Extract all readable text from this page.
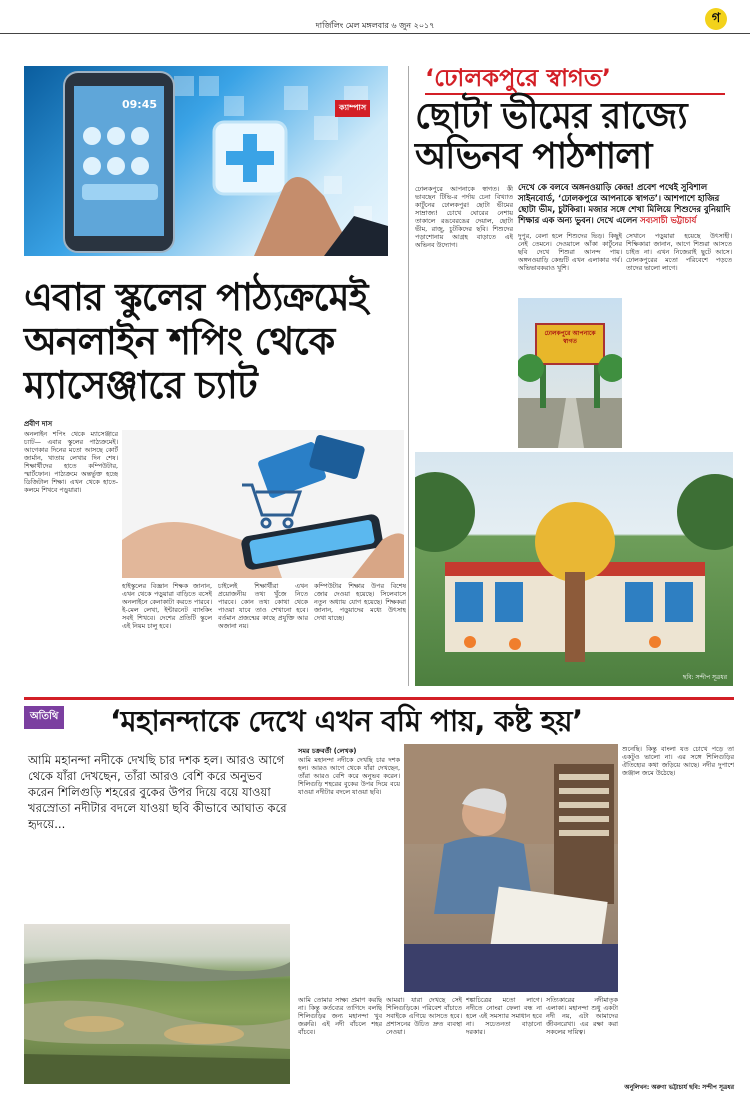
দার্জিলিং মেল মঙ্গলবার ৬ জুন ২০১৭	গ
09:45
এবার স্কুলের পাঠ্যক্রমেই
অনলাইন শপিং থেকে
ম্যাসেঞ্জারে চ্যাট
প্রবীণ দাস
অনলাইন শপিং থেকে ম্যাসেঞ্জারে চ্যাট— এবার স্কুলের পাঠ্যক্রমেই। আগেকার দিনের মতো আসছে কোর্ট জার্মান, খাতায় লেখার দিন শেষ। শিক্ষার্থীদের হাতে কম্পিউটার, স্মার্টফোন। পাঠ্যক্রমে অন্তর্ভুক্ত হচ্ছে ডিজিটাল শিক্ষা। এখন থেকে হাতে-কলমে শিখবে পড়ুয়ারা।
হাইস্কুলের বিজ্ঞান শিক্ষক জানান, এখন থেকে পড়ুয়ারা বাড়িতে বসেই অনলাইনে কেনাকাটা করতে পারবে। ই-মেল লেখা, ইন্টারনেট ব্যাংকিং সবই শিখবে। দেশের প্রতিটি স্কুলে এই নিয়ম চালু হবে।
চাইলেই শিক্ষার্থীরা এখন প্রয়োজনীয় তথ্য খুঁজে নিতে পারবে। কোন তথ্য কোথা থেকে পাওয়া যাবে তাও শেখানো হবে। বর্তমান প্রজন্মের কাছে প্রযুক্তি আর অজানা নয়।
কম্পিউটার শিক্ষার উপর বিশেষ জোর দেওয়া হয়েছে। সিলেবাসে নতুন অধ্যায় যোগ হয়েছে। শিক্ষকরা জানান, পড়ুয়াদের মধ্যে উৎসাহ দেখা যাচ্ছে।
‘ঢোলকপুরে স্বাগত’
ক্যাম্পাস ছোটা ভীমের রাজ্যে
অভিনব পাঠশালা
দেখে কে বলবে অঙ্গনওয়াড়ি কেন্দ্র! প্রবেশ পথেই সুবিশাল সাইনবোর্ড, ‘ঢোলকপুরে আপনাকে স্বাগত’। আশপাশে হাজির ছোটা ভীম, চুটকিরা। মজার সঙ্গে শেখা মিলিয়ে শিশুদের বুনিয়াদি শিক্ষার এক অন্য ভুবন। দেখে এলেন সব্যসাচী ভট্টাচার্য
ঢোলকপুরে আপনাকে স্বাগত। কী ভাবছেন টিভি-র পর্দায় চেনা বিখ্যাত কার্টুনের ঢোলকপুর! ছোটা ভীমের সাম্রাজ্য! চোখে ঘোরের নেশায় তাকালে রঙবেরঙের দেয়াল, ছোটা ভীম, রাজু, চুটকিদের ছবি। শিশুদের পড়াশোনায় আগ্রহ বাড়াতে এই অভিনব উদ্যোগ।
দুপুর, বেলা হলে শিশুদের ভিড়। কিছুই নেই তেমনে। দেওয়ালে আঁকা কার্টুনের ছবি দেখে শিশুরা আনন্দ পায়। অঙ্গনওয়াড়ি কেন্দ্রটি এখন এলাকার গর্ব। অভিভাবকরাও খুশি।
সেখানে পড়ুয়ারা হয়েছে উৎসাহী। শিক্ষিকারা জানান, আগে শিশুরা আসতে চাইত না। এখন নিজেরাই ছুটে আসে। ঢোলকপুরের মতো পরিবেশে পড়তে তাদের ভালো লাগে।
ঢোলকপুরে আপনাকে স্বাগত
ছবি: সন্দীপ সূত্রধর
অতিথি ‘মহানন্দাকে দেখে এখন বমি পায়, কষ্ট হয়’
আমি মহানন্দা নদীকে দেখছি চার দশক হল। আরও আগে থেকে যাঁরা দেখছেন, তাঁরা আরও বেশি করে অনুভব করেন শিলিগুড়ি শহরের বুকের উপর দিয়ে বয়ে যাওয়া খরস্রোতা নদীটার বদলে যাওয়া ছবি কীভাবে আঘাত করে হৃদয়ে...
সমর চক্রবর্তী (লেখক)
আমি মহানন্দা নদীকে দেখছি চার দশক হল। আরও আগে থেকে যাঁরা দেখছেন, তাঁরা আরও বেশি করে অনুভব করেন। শিলিগুড়ি শহরের বুকের উপর দিয়ে বয়ে যাওয়া নদীটার বদলে যাওয়া ছবি।
শুনেছি। কিন্তু বাংলা যত চোখে পড়ে তা একটুও ভালো না। এর সঙ্গে শিলিগুড়ির ঐতিহ্যের কথা জড়িয়ে আছে। নদীর দুপাশে জঞ্জাল জমে উঠেছে।
আমি তোমার সাক্ষ্য প্রমাণ করছি না। কিন্তু কর্তব্যের তাগিদে বলছি শিলিগুড়ির জন্য মহানন্দা খুব জরুরি। এই নদী বাঁচলে শহর বাঁচবে।
আমরা। যারা দেখছে সেই শিলিগুড়িকে। পরিবেশ বাঁচাতে সবাইকে এগিয়ে আসতে হবে। প্রশাসনের উচিত দ্রুত ব্যবস্থা নেওয়া।
শঙ্কাচিত্রের মতো লাগে। নদীতে নোংরা ফেলা বন্ধ না হলে এই সমস্যার সমাধান হবে না। সচেতনতা বাড়ানো দরকার।
সত্যিকারের নদীমাতৃক এলাকা। মহানন্দা শুধু একটা নদী নয়, এটা আমাদের জীবনরেখা। এর রক্ষা করা সকলের দায়িত্ব।
অনুলিখন: অরুণা ভট্টাচার্য ছবি: সন্দীপ সূত্রধর
